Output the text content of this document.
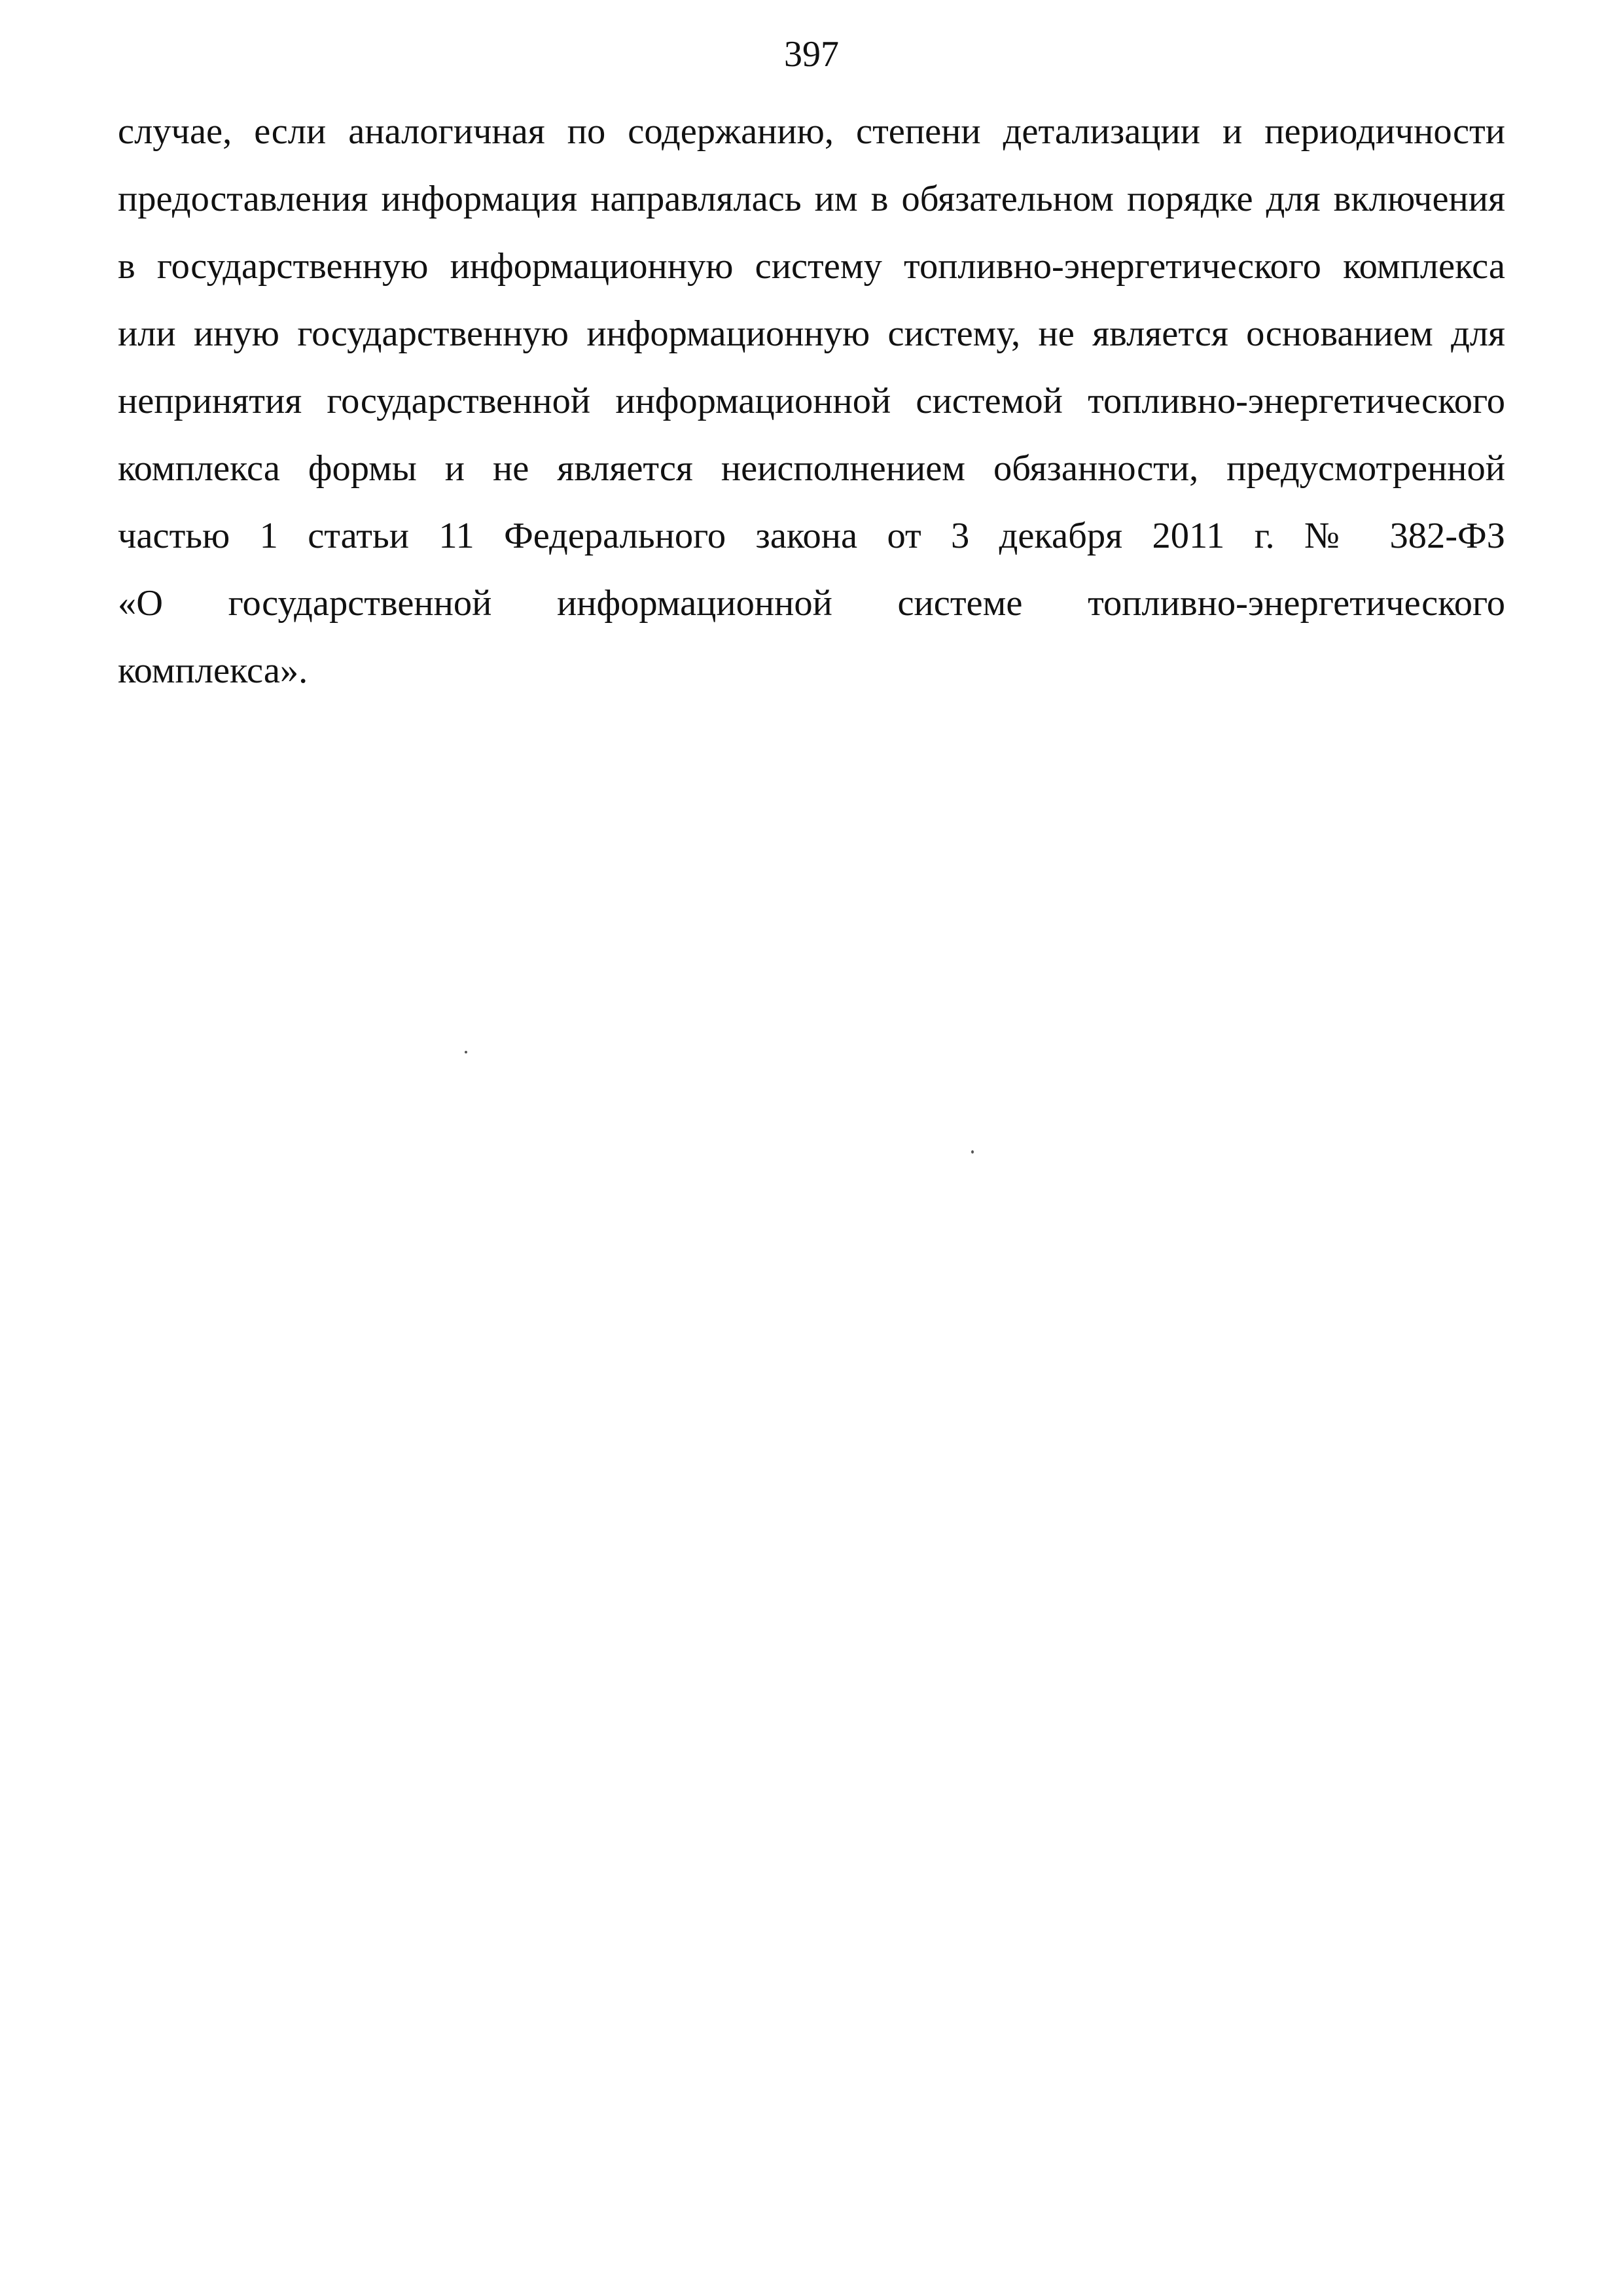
397
случае, если аналогичная по содержанию, степени детализации и периодичности
предоставления информация направлялась им в обязательном порядке для включения
в государственную информационную систему топливно-энергетического комплекса
или иную государственную информационную систему, не является основанием для
непринятия государственной информационной системой топливно-энергетического
комплекса формы и не является неисполнением обязанности, предусмотренной
частью 1 статьи 11 Федерального закона от 3 декабря 2011 г. № 382-ФЗ
«О государственной информационной системе топливно-энергетического
комплекса».
